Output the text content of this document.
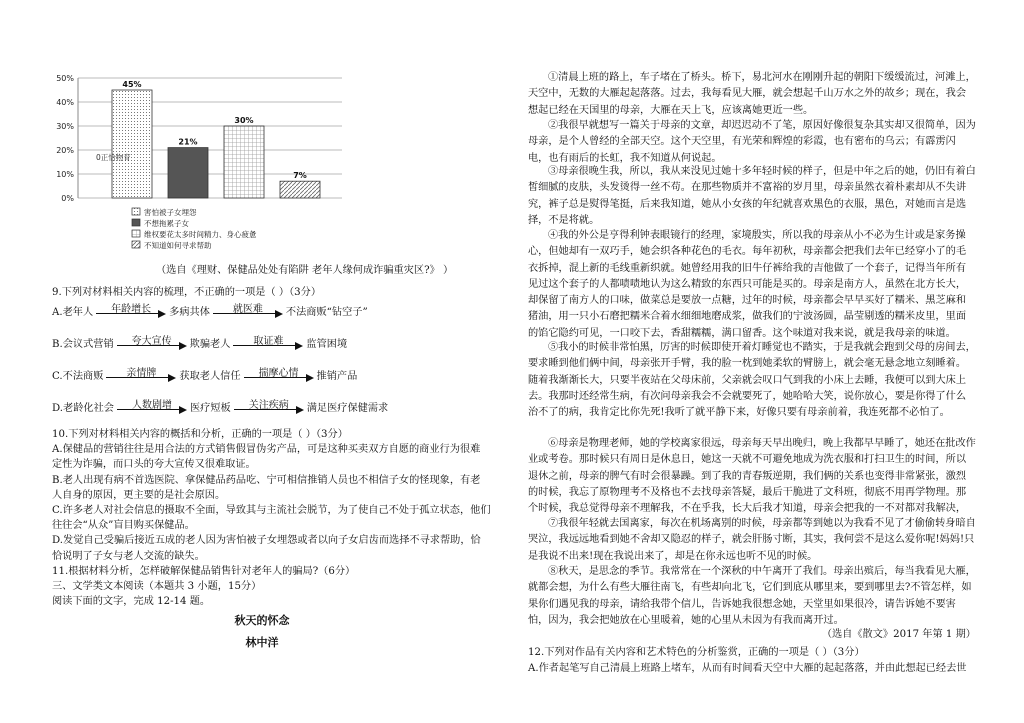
0%
10%
20%
30%
40%
50%
45%
21%
30%
7%
0正恰物育
害怕被子女埋怨
不想拖累子女
维权要花太多时间精力、身心疲惫
不知道如何寻求帮助
（选自《理财、保健品处处有陷阱 老年人缘何成诈骗重灾区?》 ）
9.下列对材料相关内容的梳理，不正确的一项是（ ）（3分）
A.老年人	年龄增长	多病共体	就医难	不法商贩“钻空子”
B.会议式营销	夸大宣传	欺骗老人	取证难	监管困境
C.不法商贩	亲情牌	获取老人信任	揣摩心情	推销产品
D.老龄化社会	人数剧增	医疗短板	关注疾病	满足医疗保健需求
10.下列对材料相关内容的概括和分析，正确的一项是（ ）（3分）
A.保健品的营销往往是用合法的方式销售假冒伪劣产品，可是这种买卖双方自愿的商业行为很难
定性为诈骗，而口头的夸大宣传又很难取证。
B.老人出现有病不首选医院、拿保健品药品吃、宁可相信推销人员也不相信子女的怪现象，有老
人自身的原因，更主要的是社会原因。
C.许多老人对社会信息的摄取不全面，导致其与主流社会脱节，为了使自己不处于孤立状态，他们
往往会“从众”盲目购买保健品。
D.发觉自己受骗后接近五成的老人因为害怕被子女埋怨或者以向子女启齿而选择不寻求帮助，恰
恰说明了子女与老人交流的缺失。
11.根据材料分析，怎样破解保健品销售针对老年人的骗局?（6分）
三、文学类文本阅读（本题共 3 小题，15分）
阅读下面的文字，完成 12-14 题。
秋天的怀念
林中洋
①清晨上班的路上，车子堵在了桥头。桥下，易北河水在刚刚升起的朝阳下缓缓流过，河滩上，天空中，无数的大雁起起落落。过去，我每看见大雁，就会想起千山万水之外的故乡；现在，我会想起已经在天国里的母亲，大雁在天上飞，应该离她更近一些。
②我很早就想写一篇关于母亲的文章，却迟迟动不了笔，原因好像很复杂其实却又很简单，因为母亲，是个人曾经的全部天空。这个天空里，有光荣和辉煌的彩霞，也有密布的乌云；有霹雳闪电，也有雨后的长虹，我不知道从何说起。
③母亲很晚生我，所以，我从来没见过她十多年轻时候的样子，但是中年之后的她，仍旧有着白皙细腻的皮肤，头发烫得一丝不苟。在那些物质并不富裕的岁月里，母亲虽然衣着朴素却从不失讲究，裤子总是熨得笔挺，后来我知道，她从小女孩的年纪就喜欢黑色的衣服，黑色，对她而言是选择，不是将就。
④我的外公是亨得利钟表眼镜行的经理，家境殷实，所以我的母亲从小不必为生计或是家务操心，但她却有一双巧手，她会织各种花色的毛衣。每年初秋，母亲都会把我们去年已经穿小了的毛衣拆掉，混上新的毛线重新织就。她曾经用我的旧牛仔裤给我的吉他做了一个套子，记得当年所有见过这个套子的人都啧啧地认为这么精致的东西只可能是买的。母亲是南方人，虽然在北方长大，却保留了南方人的口味，做菜总是要放一点糖，过年的时候，母亲都会早早买好了糯米、黑芝麻和猪油，用一只小石磨把糯米合着水细细地磨成浆，做我们的宁波汤圆，晶莹剔透的糯米皮里，里面的馅它隐约可见，一口咬下去，香甜糯糯，满口留香。这个味道对我来说，就是我母亲的味道。
⑤我小的时候非常怕黑，厉害的时候即使开着灯睡觉也不踏实，于是我就会跑到父母的房间去，要求睡到他们俩中间，母亲张开手臂，我的脸一枕到她柔软的臂膀上，就会毫无悬念地立刻睡着。随着我渐渐长大，只要半夜站在父母床前，父亲就会叹口气到我的小床上去睡，我便可以到大床上去。我那时还经常生病，有次问母亲我会不会就要死了，她哈哈大笑，说你放心，要是你得了什么治不了的病，我肯定比你先死!我听了就平静下来，好像只要有母亲前着，我连死都不必怕了。
⑥母亲是物理老师，她的学校离家很远，母亲每天早出晚归，晚上我都早早睡了，她还在批改作业或考卷。那时候只有周日是休息日，她这一天就不可避免地成为洗衣服和打扫卫生的时间，所以退休之前，母亲的脾气有时会很暴躁。到了我的青春叛逆期，我们俩的关系也变得非常紧张，激烈的时候，我忘了原物理考不及格也不去找母亲答疑，最后干脆进了文科班，彻底不用再学物理。那个时候，我总觉得母亲不理解我，不在乎我，长大后我才知道，母亲会把我的一不对都对我解决，
⑦我很年轻就去国离家，每次在机场离别的时候，母亲都等到她以为我看不见了才偷偷转身暗自哭泣，我远远地看到她不舍却又隐忍的样子，就会肝肠寸断，其实，我何尝不是这么爱你呢!妈妈!只是我说不出来!现在我说出来了，却是在你永远也听不见的时候。
⑧秋天，是思念的季节。我常常在一个深秋的中午离开了我们。母亲出殡后，每当我看见大雁，就都会想，为什么有些大雁往南飞，有些却向北飞，它们到底从哪里来，要到哪里去?不管怎样，如果你们遇见我的母亲，请给我带个信儿，告诉她我很想念她，天堂里如果很冷，请告诉她不要害怕，因为，我会把她放在心里暖着，她的心里从未因为有我而离开过。
（选自《散文》2017 年第 1 期）
12.下列对作品有关内容和艺术特色的分析鉴赏，正确的一项是（ ）（3分）
A.作者起笔写自己清晨上班路上堵车，从而有时间看天空中大雁的起起落落，并由此想起已经去世
